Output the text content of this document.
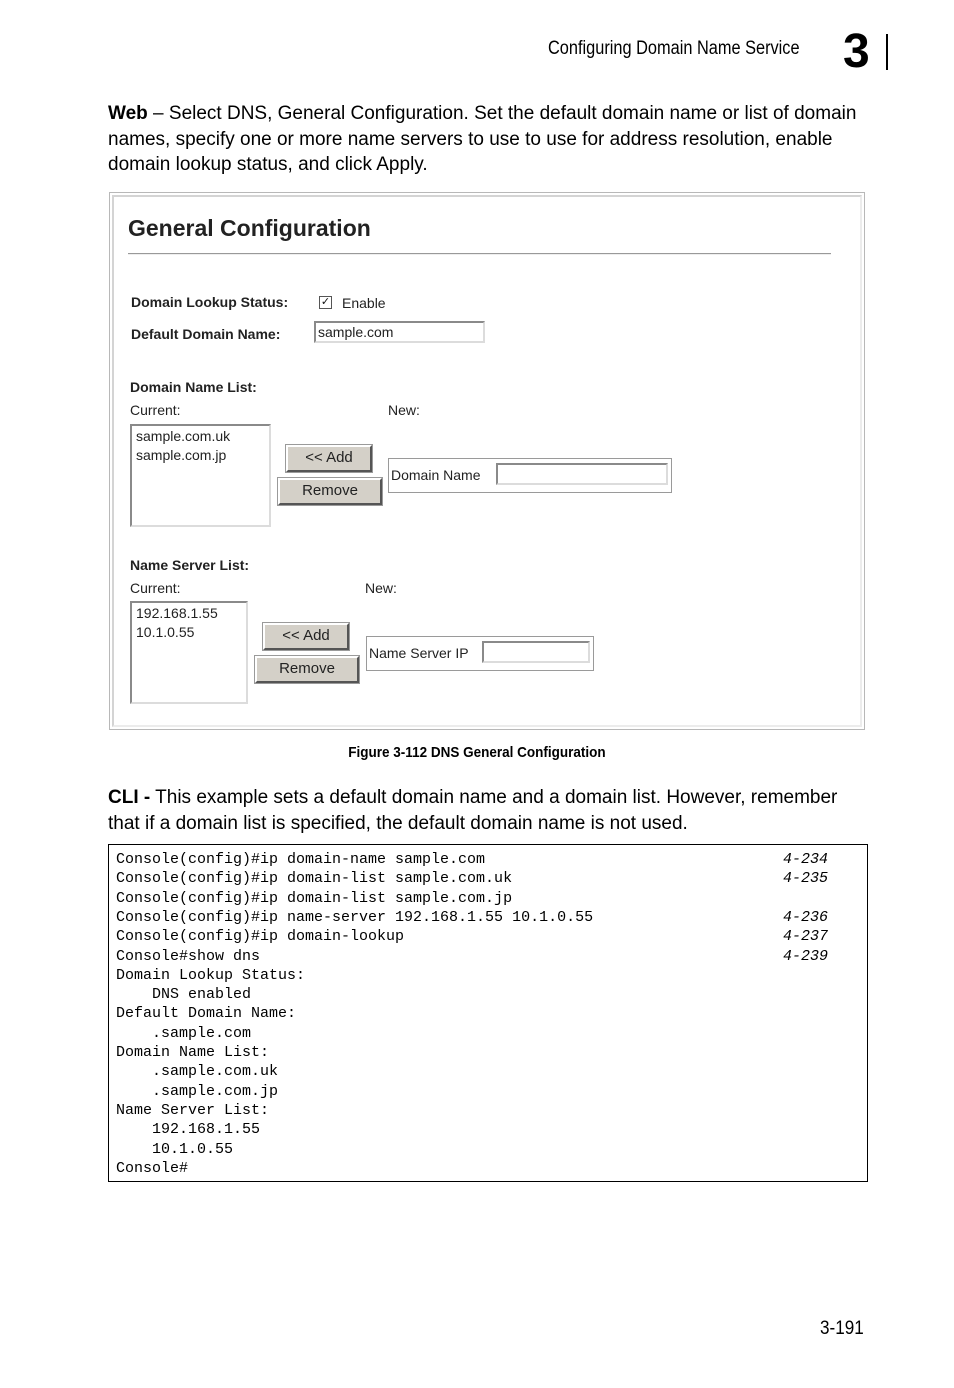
Configuring Domain Name Service 3
Web – Select DNS, General Configuration. Set the default domain name or list of domain names, specify one or more name servers to use to use for address resolution, enable domain lookup status, and click Apply.
General Configuration
Domain Lookup Status:	✓ Enable
Default Domain Name:
sample.com
Domain Name List:
Current:	New:
sample.com.uk
sample.com.jp	<< Add
Remove
Domain Name
Name Server List:
Current:	New:
192.168.1.55
10.1.0.55	<< Add
Remove
Name Server IP
Figure 3-112 DNS General Configuration
CLI - This example sets a default domain name and a domain list. However, remember that if a domain list is specified, the default domain name is not used.
Console(config)#ip domain-name sample.com	4-234
Console(config)#ip domain-list sample.com.uk	4-235
Console(config)#ip domain-list sample.com.jp
Console(config)#ip name-server 192.168.1.55 10.1.0.55	4-236
Console(config)#ip domain-lookup	4-237
Console#show dns	4-239
Domain Lookup Status:
DNS enabled
Default Domain Name:
.sample.com
Domain Name List:
.sample.com.uk
.sample.com.jp
Name Server List:
192.168.1.55
10.1.0.55
Console#
3-191
